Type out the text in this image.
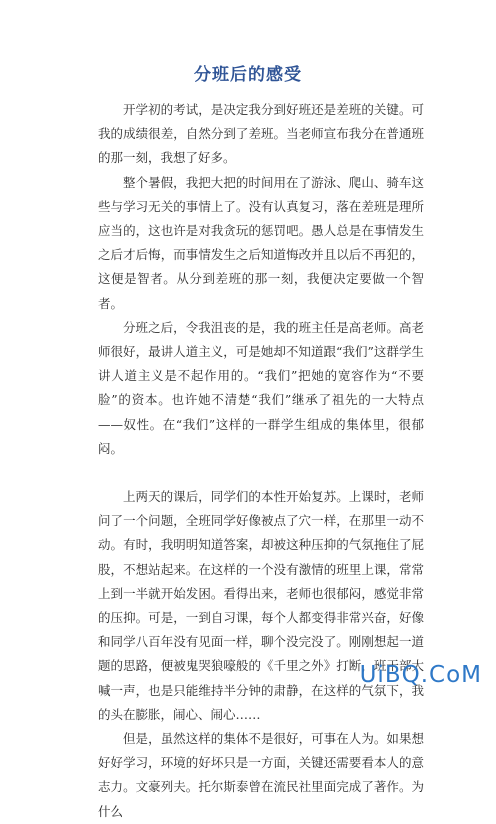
分班后的感受

开学初的考试，是决定我分到好班还是差班的关键。可我的成绩很差，自然分到了差班。当老师宣布我分在普通班的那一刻，我想了好多。

整个暑假，我把大把的时间用在了游泳、爬山、骑车这些与学习无关的事情上了。没有认真复习，落在差班是理所应当的，这也许是对我贪玩的惩罚吧。愚人总是在事情发生之后才后悔，而事情发生之后知道悔改并且以后不再犯的，这便是智者。从分到差班的那一刻，我便决定要做一个智者。

分班之后，令我沮丧的是，我的班主任是高老师。高老师很好，最讲人道主义，可是她却不知道跟“我们”这群学生讲人道主义是不起作用的。“我们”把她的宽容作为“不要脸”的资本。也许她不清楚“我们”继承了祖先的一大特点——奴性。在“我们”这样的一群学生组成的集体里，很郁闷。

上两天的课后，同学们的本性开始复苏。上课时，老师问了一个问题，全班同学好像被点了穴一样，在那里一动不动。有时，我明明知道答案，却被这种压抑的气氛拖住了屁股，不想站起来。在这样的一个没有激情的班里上课，常常上到一半就开始发困。看得出来，老师也很郁闷，感觉非常的压抑。可是，一到自习课，每个人都变得非常兴奋，好像和同学八百年没有见面一样，聊个没完没了。刚刚想起一道题的思路，便被鬼哭狼嚎般的《千里之外》打断，班干部大喊一声，也是只能维持半分钟的肃静，在这样的气氛下，我的头在膨胀，闹心、闹心……

但是，虽然这样的集体不是很好，可事在人为。如果想好好学习，环境的好坏只是一方面，关键还需要看本人的意志力。文豪列夫。托尔斯泰曾在流民社里面完成了著作。为什么

UiBQ.CoM
